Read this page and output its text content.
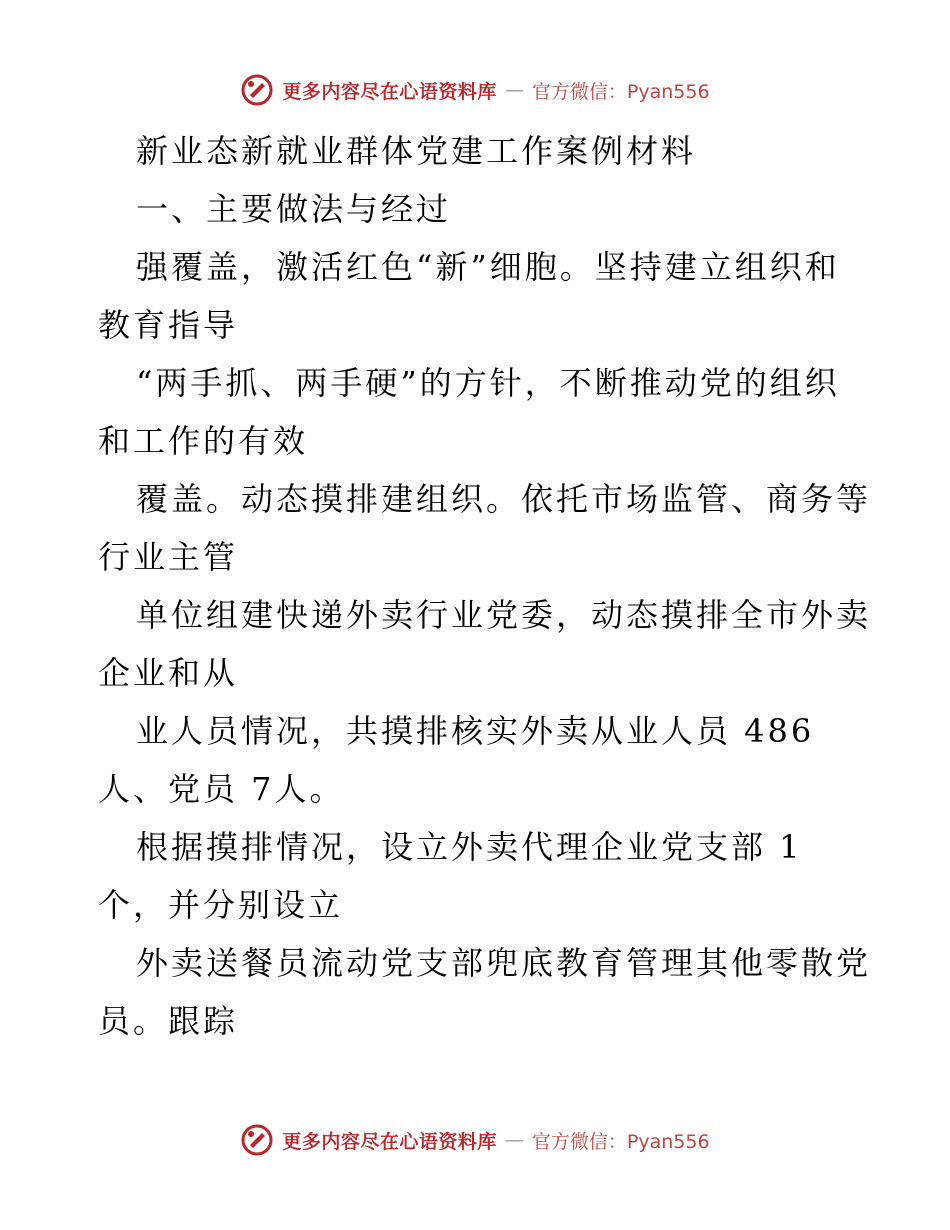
更多内容尽在心语资料库 — 官方微信：Pyan556
新业态新就业群体党建工作案例材料
一、主要做法与经过
强覆盖，激活红色“新”细胞。坚持建立组织和
教育指导
“两手抓、两手硬”的方针，不断推动党的组织
和工作的有效
覆盖。动态摸排建组织。依托市场监管、商务等
行业主管
单位组建快递外卖行业党委，动态摸排全市外卖
企业和从
业人员情况，共摸排核实外卖从业人员 486
人、党员 7人。
根据摸排情况，设立外卖代理企业党支部 1
个，并分别设立
外卖送餐员流动党支部兜底教育管理其他零散党
员。跟踪
更多内容尽在心语资料库 — 官方微信：Pyan556
